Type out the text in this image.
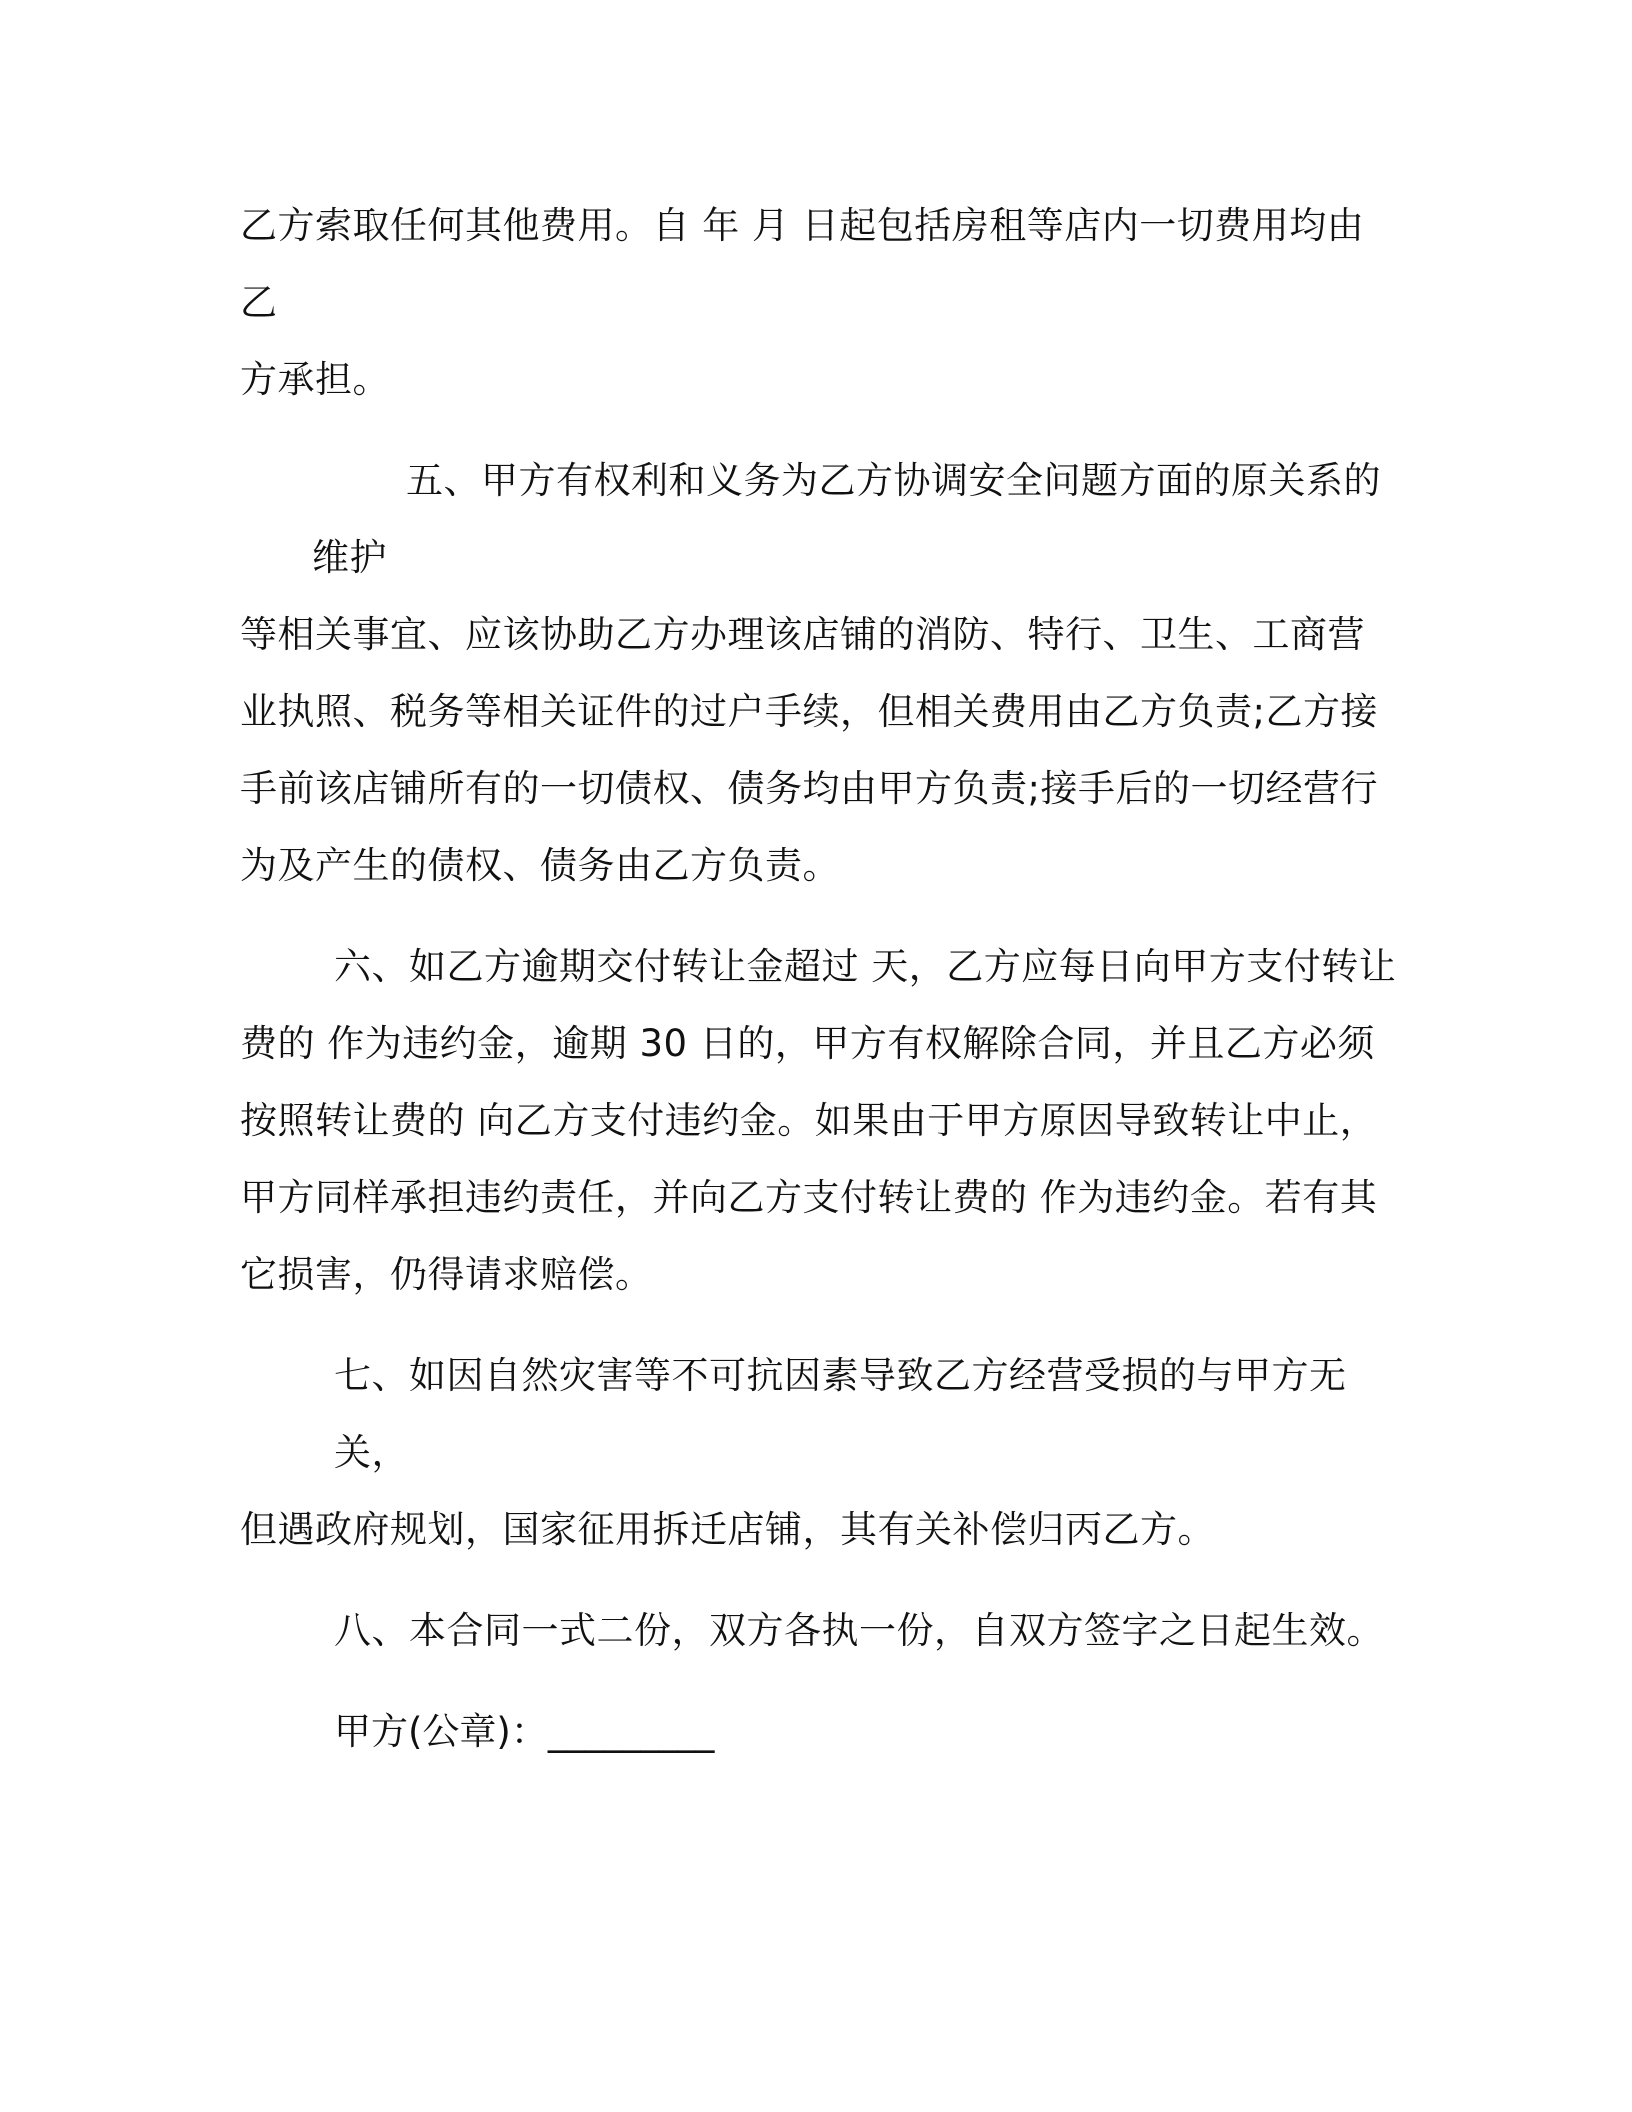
乙方索取任何其他费用。自 年 月 日起包括房租等店内一切费用均由乙
方承担。

五、甲方有权利和义务为乙方协调安全问题方面的原关系的维护
等相关事宜、应该协助乙方办理该店铺的消防、特行、卫生、工商营
业执照、税务等相关证件的过户手续，但相关费用由乙方负责;乙方接
手前该店铺所有的一切债权、债务均由甲方负责;接手后的一切经营行
为及产生的债权、债务由乙方负责。

六、如乙方逾期交付转让金超过 天，乙方应每日向甲方支付转让
费的 作为违约金，逾期 30 日的，甲方有权解除合同，并且乙方必须
按照转让费的 向乙方支付违约金。如果由于甲方原因导致转让中止，
甲方同样承担违约责任，并向乙方支付转让费的 作为违约金。若有其
它损害，仍得请求赔偿。

七、如因自然灾害等不可抗因素导致乙方经营受损的与甲方无关，
但遇政府规划，国家征用拆迁店铺，其有关补偿归丙乙方。

八、本合同一式二份，双方各执一份，自双方签字之日起生效。

甲方(公章)：_________
